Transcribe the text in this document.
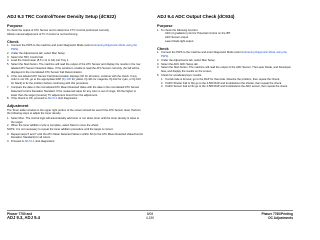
ADJ 9.3 TRC Control/Toner Density Setup (dC922)
Purpose
To check the output of ATC Sensor and to determine if TC Control performed correctly.
Allows manual adjustment of TC if control is not functioning.
Check
1. Connect the PWS to the machine and enter Diagnostic Mode (refer to Entering Diagnostic Mode using the PWS).
2. Under the Adjustments tab, select Mac Setup.
3. Select the TRC Control tab.
4. Load the Colorimeter (8.5 x 11 or A4) into Tray 1.
5. Select the Start button. The machine will read the output of the ATC Sensor and display the results in the row labeled ATC Sensor Detected Value. If the window is unable to read the ATC Sensor correctly, the fail will be displayed in the row labeled ATC Sensor Fail Determination.
6. If the row labeled ATC Sensor Fail Determination displays OK for all colors, continue with the check. If any color is not OK, go to the appropriate RAP (IQ-100 for yellow, IQ-101 for magenta, IQ-102 for cyan, or IQ-103 for black) to fix the problem before continuing with this procedure.
7. Compare the data in the row labeled ATC Mean Detected Value with the data in the row labeled ATC Sensor Detected Control Deviation Standard. If the measured value for any color is out of range. Fill the higher or lower than the target (reverse) TC adjustment found from the adjustment.
8. If the Check is OK, proceed to ADJ 9.4. Exit diagnostics.
Adjustment
The Toner adder window in the upper right portion of the screen should be used if the ATC Sensor reset. Perform the following steps to adjust the toner density.
1. Select Run. The control logic will automatically add toner or run down toner until the toner density is close to the target.
2. When the toner addition cycle is complete, select Start to move the wheel.
NOTE: It is not necessary to repeat the toner addition procedure until the target is correct.
3. Repeat steps 5 and 7 until the ATC Mean Detected Value is within 60 (to the ATC Mean Detected Value/Control Deviation Standard) for all colors.
4. Proceed to ADJ 9.4. Exit diagnostics.
ADJ 9.4 ADC Output Check (dC934)
Purpose
1. To check the following function:
ADC (2 gradation) print for Potential Control on the IBT.
ADC Sensor output
Laser Diode light output
Check
1. Connect the PWS to the machine and enter Diagnostic Mode (refer to Entering Diagnostic Mode using the PWS).
2. Under the Adjustments tab, select Mac Setup.
3. Select the ADC ADC Setup tab.
4. Select the Start button. The machine will read the output of the ADC Sensor. The Laser Diode, and Developer bias, and display the results on the screen.
5. Check for vocabulary/sync results:
1. If a fail code is formed, go to the RAP for that code. Resolve the problem, then repeat the Check.
2. If ADC Shutter Fail is NG go to the 4-560 RAP and troubleshoot the shutter, then repeat the check.
3. If ADC Sensor Fail is NG go to the 4-580 RAP and troubleshoot the ADC sensor, then repeat the check.
Phaser 7760 and
ADJ 9.3, ADJ 9.4
8/08
4-190
Phaser 7760/Printing
DC Adjustments
